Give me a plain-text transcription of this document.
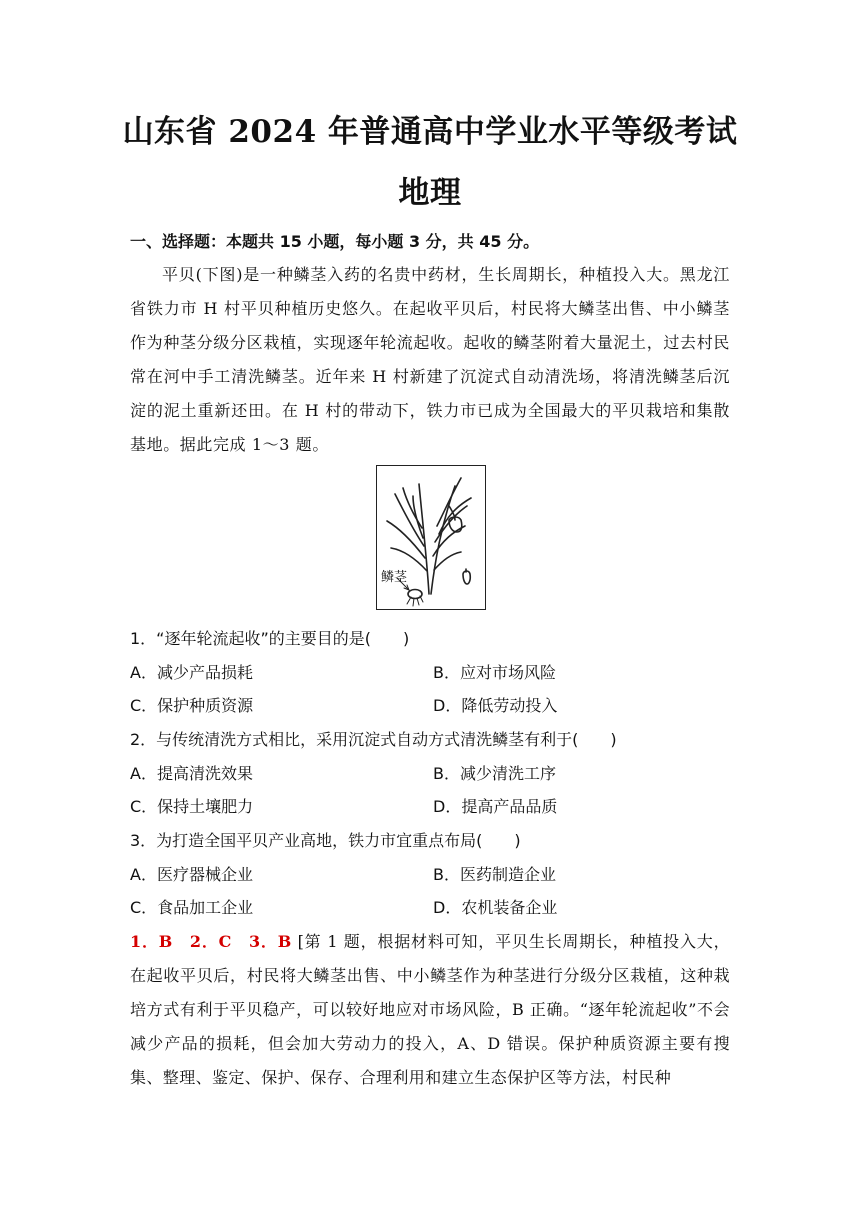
山东省 2024 年普通高中学业水平等级考试
地理
一、选择题：本题共 15 小题，每小题 3 分，共 45 分。

平贝(下图)是一种鳞茎入药的名贵中药材，生长周期长，种植投入大。黑龙江省铁力市 H 村平贝种植历史悠久。在起收平贝后，村民将大鳞茎出售、中小鳞茎作为种茎分级分区栽植，实现逐年轮流起收。起收的鳞茎附着大量泥土，过去村民常在河中手工清洗鳞茎。近年来 H 村新建了沉淀式自动清洗场，将清洗鳞茎后沉淀的泥土重新还田。在 H 村的带动下，铁力市已成为全国最大的平贝栽培和集散基地。据此完成 1～3 题。

鳞茎
1．“逐年轮流起收”的主要目的是(　　)
A．减少产品损耗	B．应对市场风险
C．保护种质资源	D．降低劳动投入
2．与传统清洗方式相比，采用沉淀式自动方式清洗鳞茎有利于(　　)
A．提高清洗效果	B．减少清洗工序
C．保持土壤肥力	D．提高产品品质
3．为打造全国平贝产业高地，铁力市宜重点布局(　　)
A．医疗器械企业	B．医药制造企业
C．食品加工企业	D．农机装备企业
1．B　2．C　3．B [第 1 题，根据材料可知，平贝生长周期长，种植投入大，在起收平贝后，村民将大鳞茎出售、中小鳞茎作为种茎进行分级分区栽植，这种栽培方式有利于平贝稳产，可以较好地应对市场风险，B 正确。“逐年轮流起收”不会减少产品的损耗，但会加大劳动力的投入，A、D 错误。保护种质资源主要有搜集、整理、鉴定、保护、保存、合理利用和建立生态保护区等方法，村民种
